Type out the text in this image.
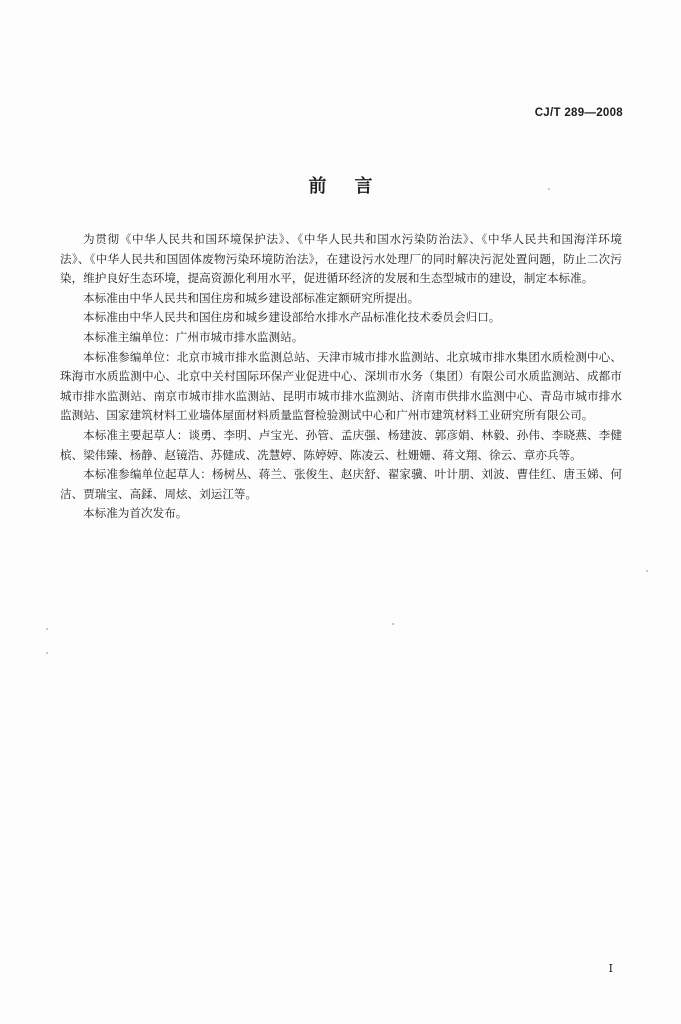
CJ/T 289—2008
前言

为贯彻《中华人民共和国环境保护法》、《中华人民共和国水污染防治法》、《中华人民共和国海洋环境法》、《中华人民共和国固体废物污染环境防治法》，在建设污水处理厂的同时解决污泥处置问题，防止二次污染，维护良好生态环境，提高资源化利用水平，促进循环经济的发展和生态型城市的建设，制定本标准。

本标准由中华人民共和国住房和城乡建设部标准定额研究所提出。

本标准由中华人民共和国住房和城乡建设部给水排水产品标准化技术委员会归口。

本标准主编单位：广州市城市排水监测站。

本标准参编单位：北京市城市排水监测总站、天津市城市排水监测站、北京城市排水集团水质检测中心、珠海市水质监测中心、北京中关村国际环保产业促进中心、深圳市水务（集团）有限公司水质监测站、成都市城市排水监测站、南京市城市排水监测站、昆明市城市排水监测站、济南市供排水监测中心、青岛市城市排水监测站、国家建筑材料工业墙体屋面材料质量监督检验测试中心和广州市建筑材料工业研究所有限公司。

本标准主要起草人：谈勇、李明、卢宝光、孙管、孟庆强、杨建波、郭彦娟、林毅、孙伟、李晓燕、李健槟、梁伟臻、杨静、赵镜浩、苏健成、冼慧婷、陈婷婷、陈凌云、杜姗姗、蒋文翔、徐云、章亦兵等。

本标准参编单位起草人：杨树丛、蒋兰、张俊生、赵庆舒、翟家骥、叶计朋、刘波、曹佳红、唐玉娣、何洁、贾瑞宝、高鍒、周炫、刘运江等。

本标准为首次发布。

I
